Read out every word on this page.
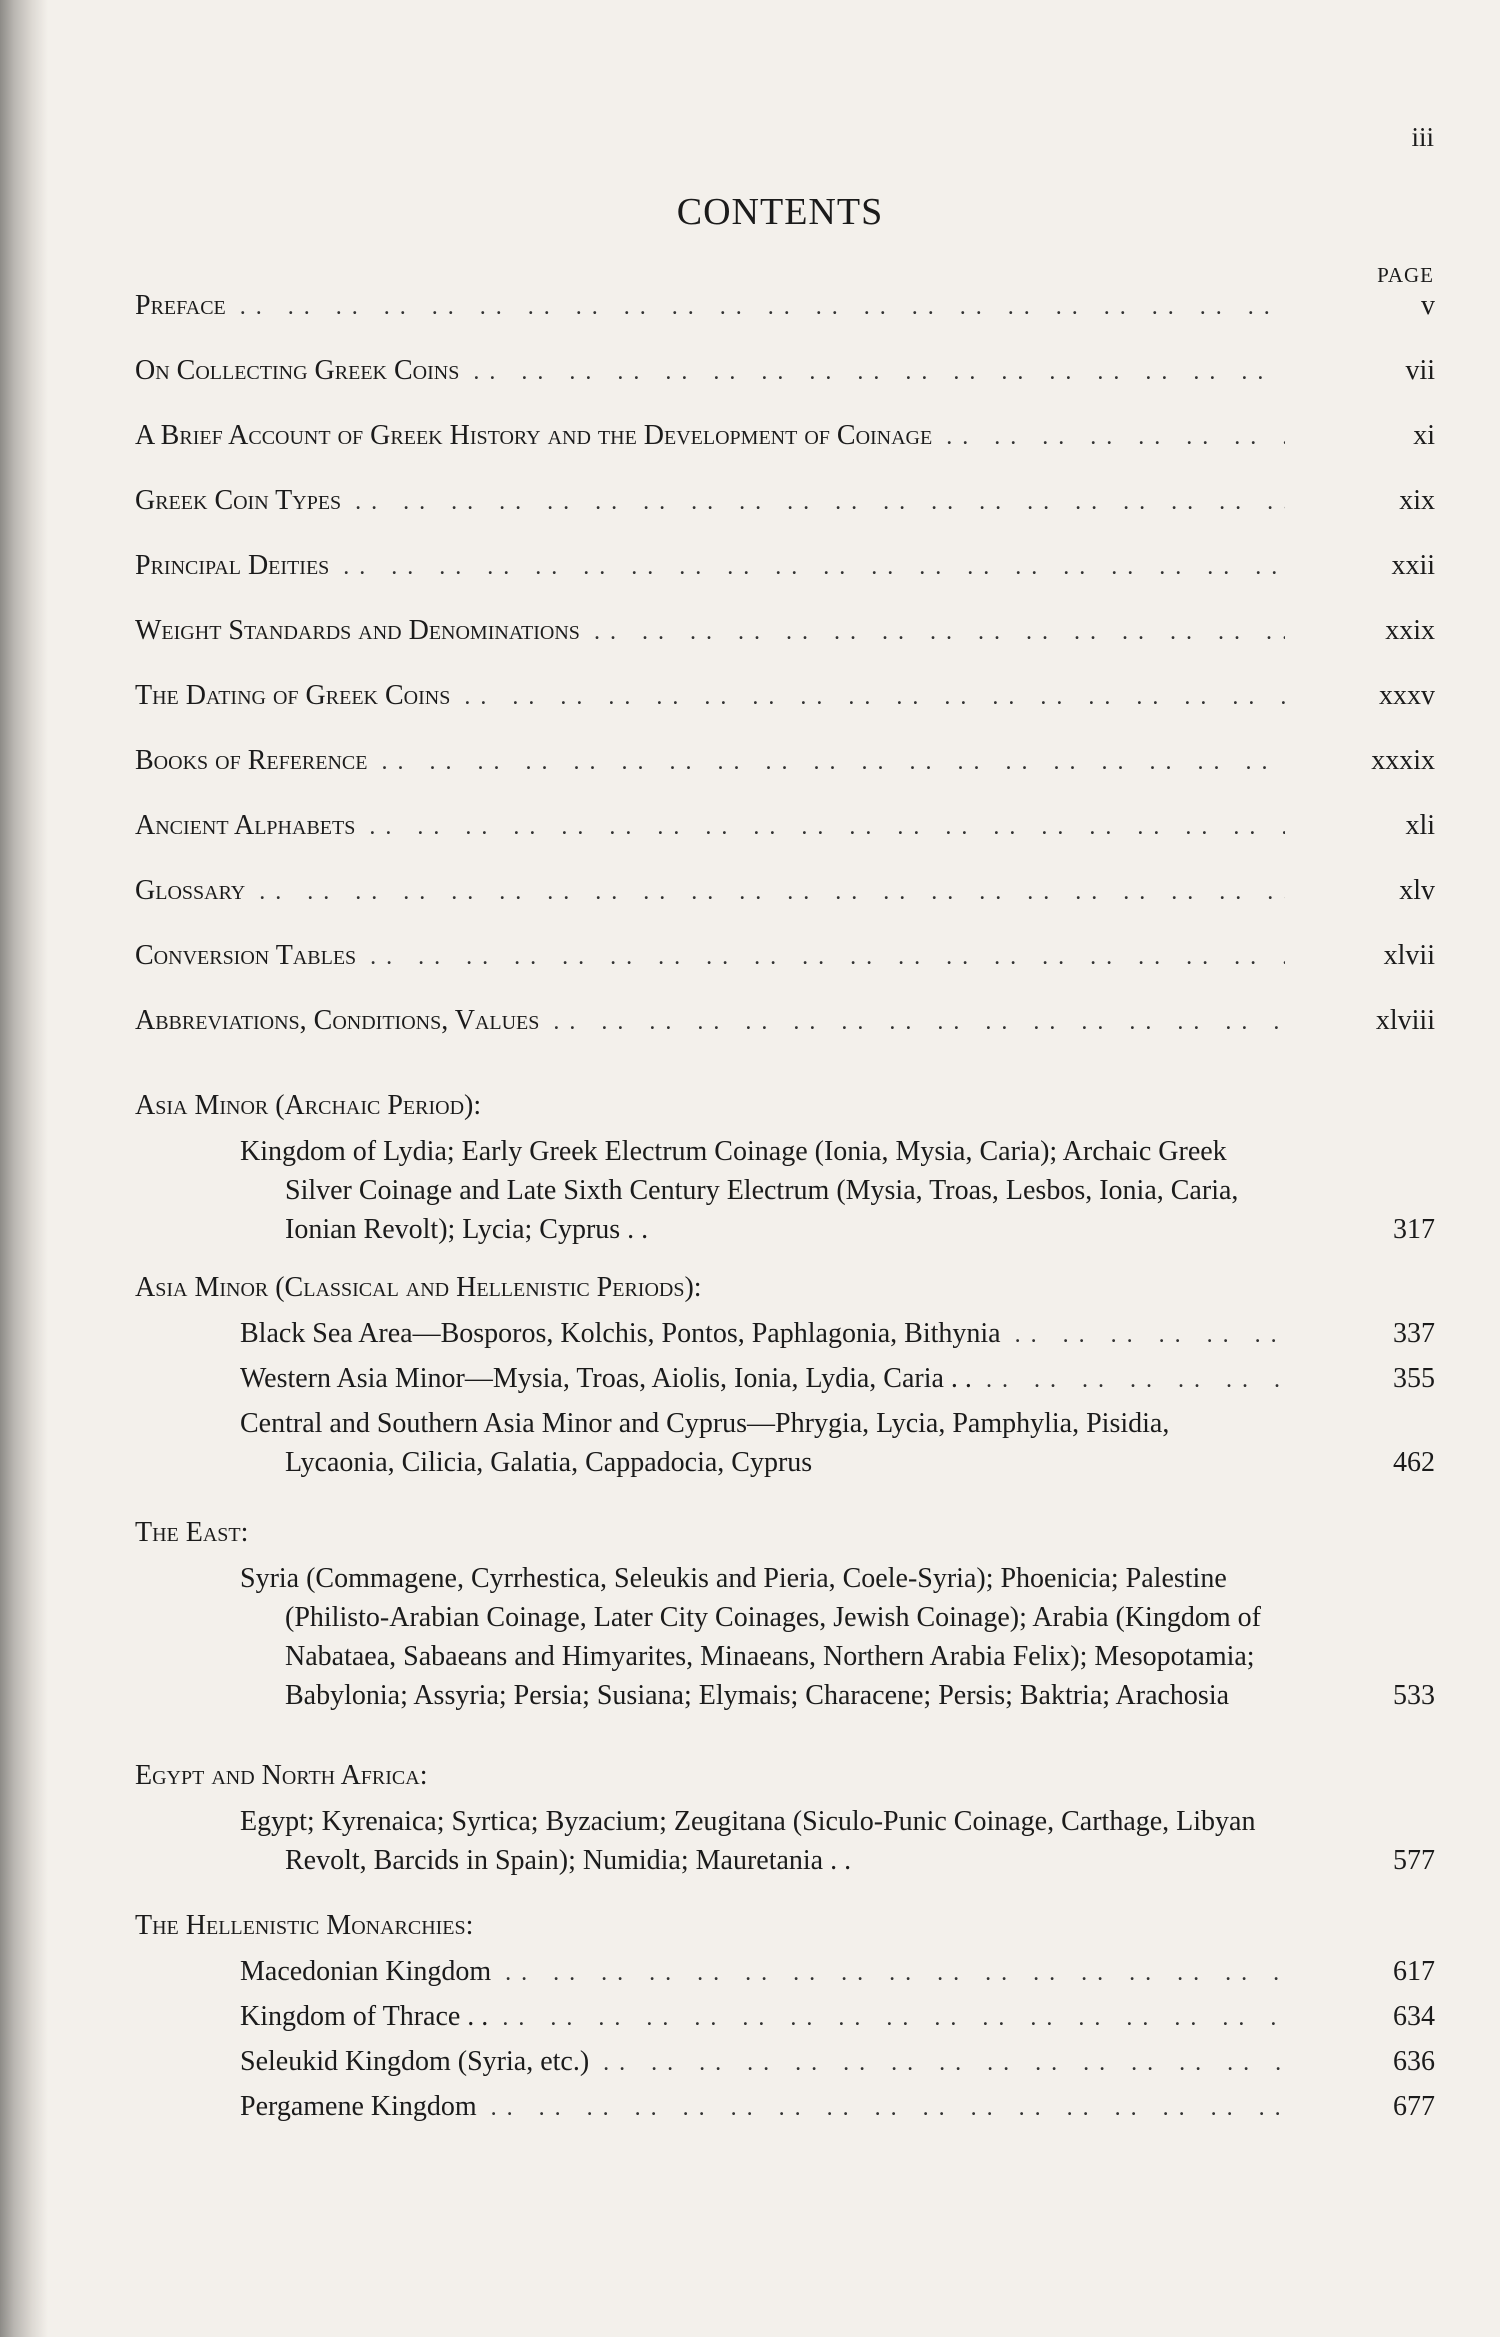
iii
CONTENTS
PAGE
Preface . .	v
On Collecting Greek Coins . .	vii
A Brief Account of Greek History and the Development of Coinage . .	xi
Greek Coin Types . .	xix
Principal Deities . .	xxii
Weight Standards and Denominations . .	xxix
The Dating of Greek Coins . .	xxxv
Books of Reference . .	xxxix
Ancient Alphabets . .	xli
Glossary . .	xlv
Conversion Tables . .	xlvii
Abbreviations, Conditions, Values . .	xlviii
Asia Minor (Archaic Period):
Kingdom of Lydia; Early Greek Electrum Coinage (Ionia, Mysia, Caria); Archaic Greek Silver Coinage and Late Sixth Century Electrum (Mysia, Troas, Lesbos, Ionia, Caria, Ionian Revolt); Lycia; Cyprus . .	317
Asia Minor (Classical and Hellenistic Periods):
Black Sea Area—Bosporos, Kolchis, Pontos, Paphlagonia, Bithynia . .	337
Western Asia Minor—Mysia, Troas, Aiolis, Ionia, Lydia, Caria . . . .	355
Central and Southern Asia Minor and Cyprus—Phrygia, Lycia, Pamphylia, Pisidia, Lycaonia, Cilicia, Galatia, Cappadocia, Cyprus	462
The East:
Syria (Commagene, Cyrrhestica, Seleukis and Pieria, Coele-Syria); Phoenicia; Palestine (Philisto-Arabian Coinage, Later City Coinages, Jewish Coinage); Arabia (Kingdom of Nabataea, Sabaeans and Himyarites, Minaeans, Northern Arabia Felix); Mesopotamia; Babylonia; Assyria; Persia; Susiana; Elymais; Characene; Persis; Baktria; Arachosia	533
Egypt and North Africa:
Egypt; Kyrenaica; Syrtica; Byzacium; Zeugitana (Siculo-Punic Coinage, Carthage, Libyan Revolt, Barcids in Spain); Numidia; Mauretania . .	577
The Hellenistic Monarchies:
Macedonian Kingdom . .	617
Kingdom of Thrace . . . .	634
Seleukid Kingdom (Syria, etc.) . .	636
Pergamene Kingdom . .	677
